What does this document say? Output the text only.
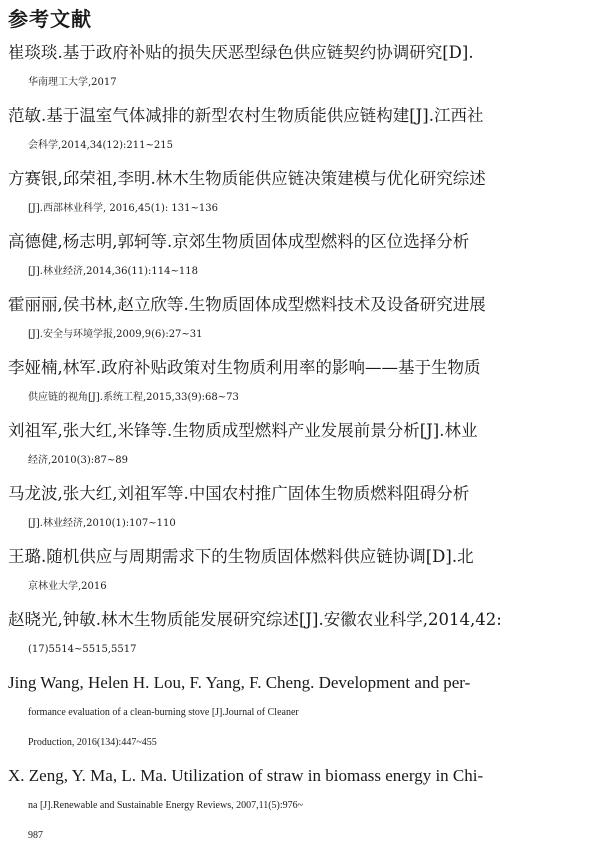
参考文献
崔琰琰.基于政府补贴的损失厌恶型绿色供应链契约协调研究[D].
华南理工大学,2017
范敏.基于温室气体减排的新型农村生物质能供应链构建[J].江西社
会科学,2014,34(12):211~215
方赛银,邱荣祖,李明.林木生物质能供应链决策建模与优化研究综述
[J].西部林业科学, 2016,45(1): 131~136
高德健,杨志明,郭轲等.京郊生物质固体成型燃料的区位选择分析
[J].林业经济,2014,36(11):114~118
霍丽丽,侯书林,赵立欣等.生物质固体成型燃料技术及设备研究进展
[J].安全与环境学报,2009,9(6):27~31
李娅楠,林军.政府补贴政策对生物质利用率的影响——基于生物质
供应链的视角[J].系统工程,2015,33(9):68~73
刘祖军,张大红,米锋等.生物质成型燃料产业发展前景分析[J].林业
经济,2010(3):87~89
马龙波,张大红,刘祖军等.中国农村推广固体生物质燃料阻碍分析
[J].林业经济,2010(1):107~110
王璐.随机供应与周期需求下的生物质固体燃料供应链协调[D].北
京林业大学,2016
赵晓光,钟敏.林木生物质能发展研究综述[J].安徽农业科学,2014,42:
(17)5514~5515,5517
Jing Wang, Helen H. Lou, F. Yang, F. Cheng. Development and per-
formance evaluation of a clean-burning stove [J].Journal of Cleaner
Production, 2016(134):447~455
X. Zeng, Y. Ma, L. Ma. Utilization of straw in biomass energy in Chi-
na [J].Renewable and Sustainable Energy Reviews, 2007,11(5):976~
987
